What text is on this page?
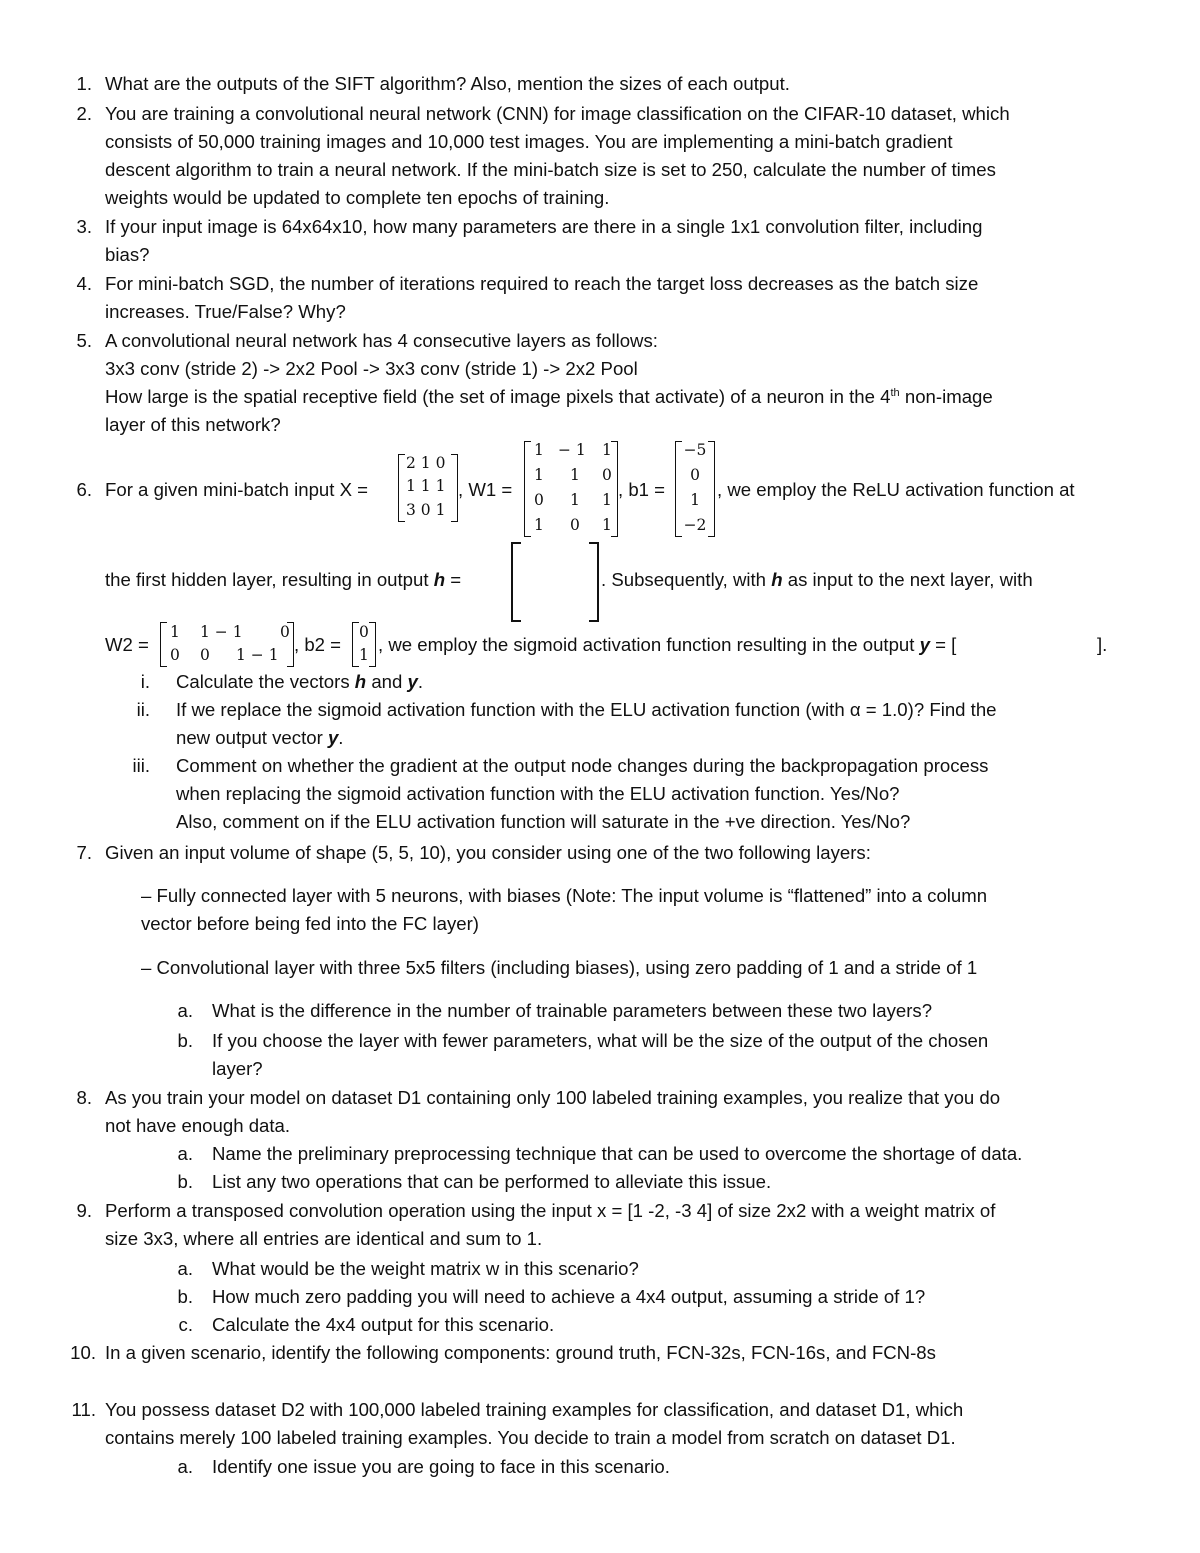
1. What are the outputs of the SIFT algorithm? Also, mention the sizes of each output.
2. You are training a convolutional neural network (CNN) for image classification on the CIFAR-10 dataset, which
consists of 50,000 training images and 10,000 test images. You are implementing a mini-batch gradient
descent algorithm to train a neural network. If the mini-batch size is set to 250, calculate the number of times
weights would be updated to complete ten epochs of training.
3. If your input image is 64x64x10, how many parameters are there in a single 1x1 convolution filter, including
bias?
4. For mini-batch SGD, the number of iterations required to reach the target loss decreases as the batch size
increases. True/False? Why?
5. A convolutional neural network has 4 consecutive layers as follows:
3x3 conv (stride 2) -> 2x2 Pool -> 3x3 conv (stride 1) -> 2x2 Pool
How large is the spatial receptive field (the set of image pixels that activate) of a neuron in the 4th non-image
layer of this network?
6. For a given mini-batch input X =
2 1 0
1 1 1
3 0 1
, W1 =
1 − 1 1
1 1 0
0 1 1
1 0 1
, b1 =
−5
0
1
−2
, we employ the ReLU activation function at
the first hidden layer, resulting in output h =	. Subsequently, with h as input to the next layer, with
W2 =
1 1 − 1 0
0 0 1 − 1 , b2 =
0
1 , we employ the sigmoid activation function resulting in the output y = [	].
i. Calculate the vectors h and y.
ii. If we replace the sigmoid activation function with the ELU activation function (with α = 1.0)? Find the
new output vector y.
iii. Comment on whether the gradient at the output node changes during the backpropagation process
when replacing the sigmoid activation function with the ELU activation function. Yes/No?
Also, comment on if the ELU activation function will saturate in the +ve direction. Yes/No?
7. Given an input volume of shape (5, 5, 10), you consider using one of the two following layers:
– Fully connected layer with 5 neurons, with biases (Note: The input volume is “flattened” into a column
vector before being fed into the FC layer)
– Convolutional layer with three 5x5 filters (including biases), using zero padding of 1 and a stride of 1
a. What is the difference in the number of trainable parameters between these two layers?
b. If you choose the layer with fewer parameters, what will be the size of the output of the chosen
layer?
8. As you train your model on dataset D1 containing only 100 labeled training examples, you realize that you do
not have enough data.
a. Name the preliminary preprocessing technique that can be used to overcome the shortage of data.
b. List any two operations that can be performed to alleviate this issue.
9. Perform a transposed convolution operation using the input x = [1 -2, -3 4] of size 2x2 with a weight matrix of
size 3x3, where all entries are identical and sum to 1.
a. What would be the weight matrix w in this scenario?
b. How much zero padding you will need to achieve a 4x4 output, assuming a stride of 1?
c. Calculate the 4x4 output for this scenario.
10. In a given scenario, identify the following components: ground truth, FCN-32s, FCN-16s, and FCN-8s
11. You possess dataset D2 with 100,000 labeled training examples for classification, and dataset D1, which
contains merely 100 labeled training examples. You decide to train a model from scratch on dataset D1.
a. Identify one issue you are going to face in this scenario.
